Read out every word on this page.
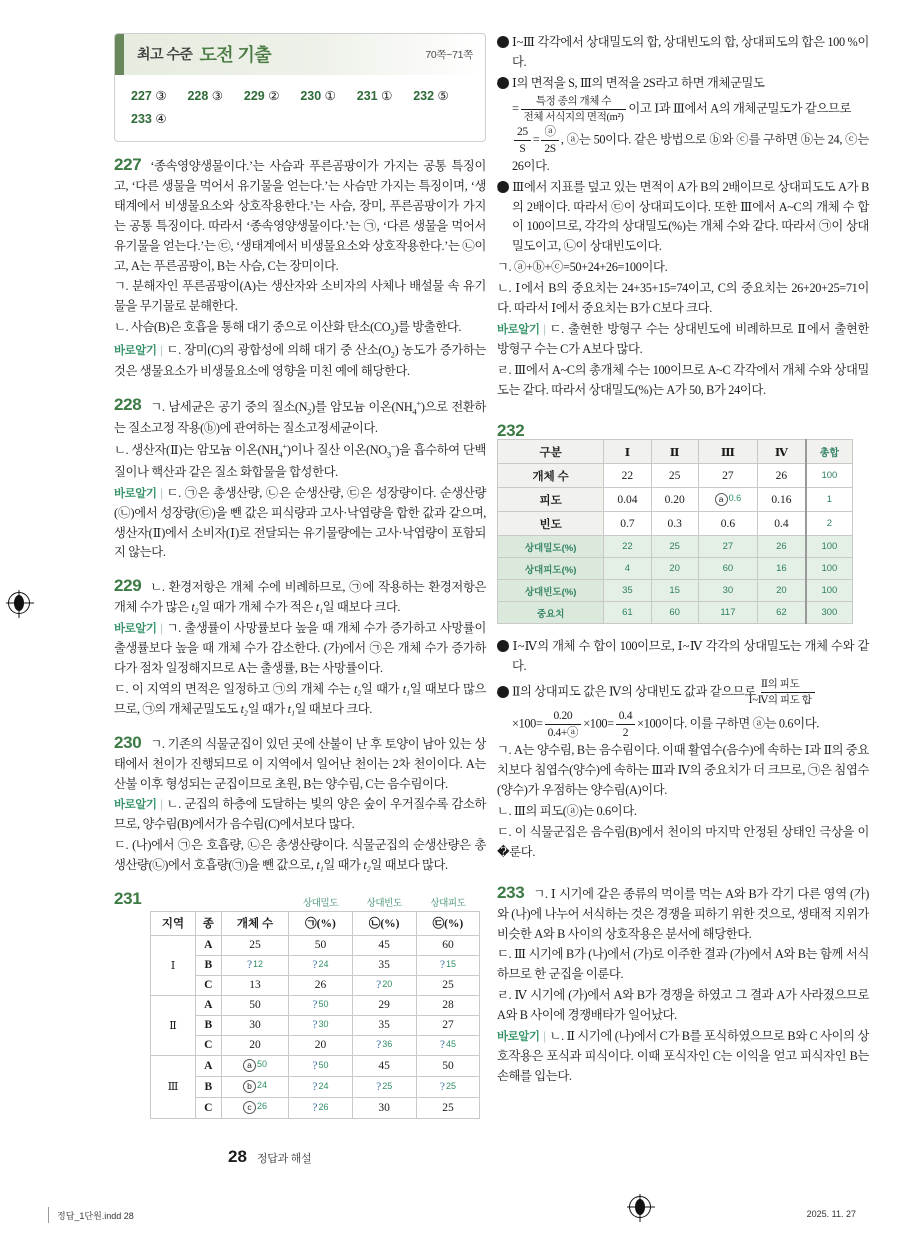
최고 수준 도전 기출	70쪽~71쪽
227 ③	228 ③	229 ②	230 ①	231 ①	232 ⑤
233 ④

227 ‘종속영양생물이다.’는 사슴과 푸른곰팡이가 가지는 공통 특징이고, ‘다른 생물을 먹어서 유기물을 얻는다.’는 사슴만 가지는 특징이며, ‘생태계에서 비생물요소와 상호작용한다.’는 사슴, 장미, 푸른곰팡이가 가지는 공통 특징이다. 따라서 ‘종속영양생물이다.’는 ㉠, ‘다른 생물을 먹어서 유기물을 얻는다.’는 ㉢, ‘생태계에서 비생물요소와 상호작용한다.’는 ㉡이고, A는 푸른곰팡이, B는 사슴, C는 장미이다.

ㄱ. 분해자인 푸른곰팡이(A)는 생산자와 소비자의 사체나 배설물 속 유기물을 무기물로 분해한다.

ㄴ. 사슴(B)은 호흡을 통해 대기 중으로 이산화 탄소$(CO_2)$를 방출한다.

바로알기 | ㄷ. 장미(C)의 광합성에 의해 대기 중 산소$(O_2)$ 농도가 증가하는 것은 생물요소가 비생물요소에 영향을 미친 예에 해당한다.

228 ㄱ. 남세균은 공기 중의 질소$(N_2)$를 암모늄 이온$(NH_4^+)$으로 전환하는 질소고정 작용(ⓑ)에 관여하는 질소고정세균이다.

ㄴ. 생산자(Ⅱ)는 암모늄 이온$(NH_4^+)$이나 질산 이온$(NO_3^-)$을 흡수하여 단백질이나 핵산과 같은 질소 화합물을 합성한다.

바로알기 | ㄷ. ㉠은 총생산량, ㉡은 순생산량, ㉢은 성장량이다. 순생산량(㉡)에서 성장량(㉢)을 뺀 값은 피식량과 고사·낙엽량을 합한 값과 같으며, 생산자(Ⅱ)에서 소비자(Ⅰ)로 전달되는 유기물량에는 고사·낙엽량이 포함되지 않는다.

229 ㄴ. 환경저항은 개체 수에 비례하므로, ㉠에 작용하는 환경저항은 개체 수가 많은 t₂일 때가 개체 수가 적은 t₁일 때보다 크다.

바로알기 | ㄱ. 출생률이 사망률보다 높을 때 개체 수가 증가하고 사망률이 출생률보다 높을 때 개체 수가 감소한다. (가)에서 ㉠은 개체 수가 증가하다가 점차 일정해지므로 A는 출생률, B는 사망률이다.

ㄷ. 이 지역의 면적은 일정하고 ㉠의 개체 수는 t₂일 때가 t₁일 때보다 많으므로, ㉠의 개체군밀도도 t₂일 때가 t₁일 때보다 크다.

230 ㄱ. 기존의 식물군집이 있던 곳에 산불이 난 후 토양이 남아 있는 상태에서 천이가 진행되므로 이 지역에서 일어난 천이는 2차 천이이다. A는 산불 이후 형성되는 군집이므로 초원, B는 양수림, C는 음수림이다.

바로알기 | ㄴ. 군집의 하층에 도달하는 빛의 양은 숲이 우거질수록 감소하므로, 양수림(B)에서가 음수림(C)에서보다 많다.

ㄷ. (나)에서 ㉠은 호흡량, ㉡은 총생산량이다. 식물군집의 순생산량은 총생산량(㉡)에서 호흡량(㉠)을 뺀 값으로, t₁일 때가 t₂일 때보다 많다.

231

				상대밀도	상대빈도	상대피도
지역	종	개체 수	㉠(%)	㉡(%)	㉢(%)
Ⅰ	A	25	50	45	60
	B	?12	?24	35	?15
	C	13	26	?20	25
Ⅱ	A	50	?50	29	28
	B	30	?30	35	27
	C	20	20	?36	?45
Ⅲ	A	a 50	?50	45	50
	B	b 24	?24	?25	?25
	C	c 26	?26	30	25
28 정답과 해설

1 Ⅰ~Ⅲ 각각에서 상대밀도의 합, 상대빈도의 합, 상대피도의 합은 100 %이다.

2 Ⅰ의 면적을 S, Ⅲ의 면적을 2S라고 하면 개체군밀도

= $\frac{\text{특정 종의 개체 수}}{\text{전체 서식지의 면적(m²)}}$ 이고 Ⅰ과 Ⅲ에서 A의 개체군밀도가 같으므로

$\frac{25}{S} = \frac{ⓐ}{2S}$ , ⓐ는 50이다. 같은 방법으로 ⓑ와 ⓒ를 구하면 ⓑ는 24, ⓒ는 26이다.

3 Ⅲ에서 지표를 덮고 있는 면적이 A가 B의 2배이므로 상대피도도 A가 B의 2배이다. 따라서 ㉢이 상대피도이다. 또한 Ⅲ에서 A~C의 개체 수 합이 100이므로, 각각의 상대밀도(%)는 개체 수와 같다. 따라서 ㉠이 상대밀도이고, ㉡이 상대빈도이다.

ㄱ. ⓐ+ⓑ+ⓒ=50+24+26=100이다.

ㄴ. Ⅰ에서 B의 중요치는 24+35+15=74이고, C의 중요치는 26+20+25=71이다. 따라서 Ⅰ에서 중요치는 B가 C보다 크다.

바로알기 | ㄷ. 출현한 방형구 수는 상대빈도에 비례하므로 Ⅱ에서 출현한 방형구 수는 C가 A보다 많다.

ㄹ. Ⅲ에서 A~C의 총개체 수는 100이므로 A~C 각각에서 개체 수와 상대밀도는 같다. 따라서 상대밀도(%)는 A가 50, B가 24이다.

232

구분	Ⅰ	Ⅱ	Ⅲ	Ⅳ	총합
개체 수	22	25	27	26	100
피도	0.04	0.20	a 0.6	0.16	1
빈도	0.7	0.3	0.6	0.4	2
상대밀도(%)	22	25	27	26	100
상대피도(%)	4	20	60	16	100
상대빈도(%)	35	15	30	20	100
중요치	61	60	117	62	300

1 Ⅰ~Ⅳ의 개체 수 합이 100이므로, Ⅰ~Ⅳ 각각의 상대밀도는 개체 수와 같다.

2 Ⅱ의 상대피도 값은 Ⅳ의 상대빈도 값과 같으므로 $\frac{\text{Ⅱ의 피도}}{\text{Ⅰ\textasciitilde{}Ⅳ의 피도 합}}$

$\times 100= \frac{0.20}{0.4+ⓐ} \times 100= \frac{0.4}{2} \times 100$이다. 이를 구하면 ⓐ는 0.6이다.

ㄱ. A는 양수림, B는 음수림이다. 이때 활엽수(음수)에 속하는 Ⅰ과 Ⅱ의 중요치보다 침엽수(양수)에 속하는 Ⅲ과 Ⅳ의 중요치가 더 크므로, ㉠은 침엽수(양수)가 우점하는 양수림(A)이다.

ㄴ. Ⅲ의 피도(ⓐ)는 0.6이다.

ㄷ. 이 식물군집은 음수림(B)에서 천이의 마지막 안정된 상태인 극상을 이�룬다.

233 ㄱ. Ⅰ 시기에 같은 종류의 먹이를 먹는 A와 B가 각기 다른 영역 (가)와 (나)에 나누어 서식하는 것은 경쟁을 피하기 위한 것으로, 생태적 지위가 비슷한 A와 B 사이의 상호작용은 분서에 해당한다.

ㄷ. Ⅲ 시기에 B가 (나)에서 (가)로 이주한 결과 (가)에서 A와 B는 함께 서식하므로 한 군집을 이룬다.

ㄹ. Ⅳ 시기에 (가)에서 A와 B가 경쟁을 하였고 그 결과 A가 사라졌으므로 A와 B 사이에 경쟁배타가 일어났다.

바로알기 | ㄴ. Ⅱ 시기에 (나)에서 C가 B를 포식하였으므로 B와 C 사이의 상호작용은 포식과 피식이다. 이때 포식자인 C는 이익을 얻고 피식자인 B는 손해를 입는다.

정답_1단원.indd 28	2025. 11. 27
